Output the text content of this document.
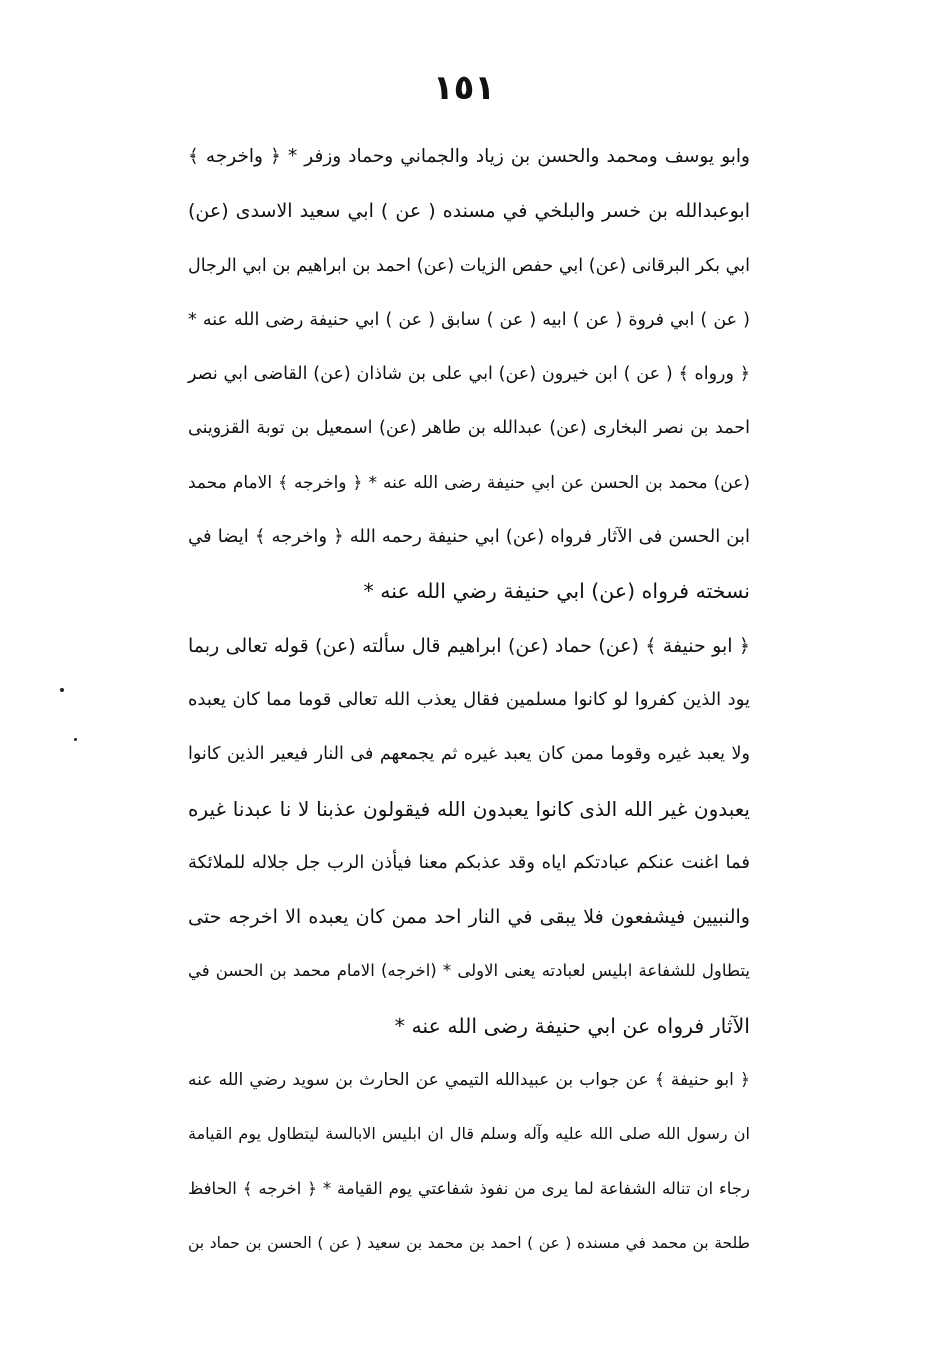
١٥١
وابو يوسف ومحمد والحسن بن زياد والجماني وحماد وزفر * ﴿ واخرجه ﴾
ابوعبدالله بن خسر والبلخي في مسنده ( عن ) ابي سعيد الاسدى (عن)
ابي بكر البرقانى (عن) ابي حفص الزيات (عن) احمد بن ابراهيم بن ابي الرجال
( عن ) ابي فروة ( عن ) ابيه ( عن ) سابق ( عن ) ابي حنيفة رضى الله عنه *
﴿ ورواه ﴾ ( عن ) ابن خيرون (عن) ابي على بن شاذان (عن) القاضى ابي نصر
احمد بن نصر البخارى (عن) عبدالله بن طاهر (عن) اسمعيل بن توبة القزوينى
(عن) محمد بن الحسن عن ابي حنيفة رضى الله عنه * ﴿ واخرجه ﴾ الامام محمد
ابن الحسن فى الآثار فرواه (عن) ابي حنيفة رحمه الله ﴿ واخرجه ﴾ ايضا في
نسخته فرواه (عن) ابي حنيفة رضي الله عنه *
﴿ ابو حنيفة ﴾ (عن) حماد (عن) ابراهيم قال سألته (عن) قوله تعالى ربما
يود الذين كفروا لو كانوا مسلمين فقال يعذب الله تعالى قوما مما كان يعبده
ولا يعبد غيره وقوما ممن كان يعبد غيره ثم يجمعهم فى النار فيعير الذين كانوا
يعبدون غير الله الذى كانوا يعبدون الله فيقولون عذبنا لا نا عبدنا غيره
فما اغنت عنكم عبادتكم اياه وقد عذبكم معنا فيأذن الرب جل جلاله للملائكة
والنبيين فيشفعون فلا يبقى في النار احد ممن كان يعبده الا اخرجه حتى
يتطاول للشفاعة ابليس لعبادته يعنى الاولى * (اخرجه) الامام محمد بن الحسن في
الآثار فرواه عن ابي حنيفة رضى الله عنه *
﴿ ابو حنيفة ﴾ عن جواب بن عبيدالله التيمي عن الحارث بن سويد رضي الله عنه
ان رسول الله صلى الله عليه وآله وسلم قال ان ابليس الابالسة ليتطاول يوم القيامة
رجاء ان تناله الشفاعة لما يرى من نفوذ شفاعتي يوم القيامة * ﴿ اخرجه ﴾ الحافظ
طلحة بن محمد في مسنده ( عن ) احمد بن محمد بن سعيد ( عن ) الحسن بن حماد بن
